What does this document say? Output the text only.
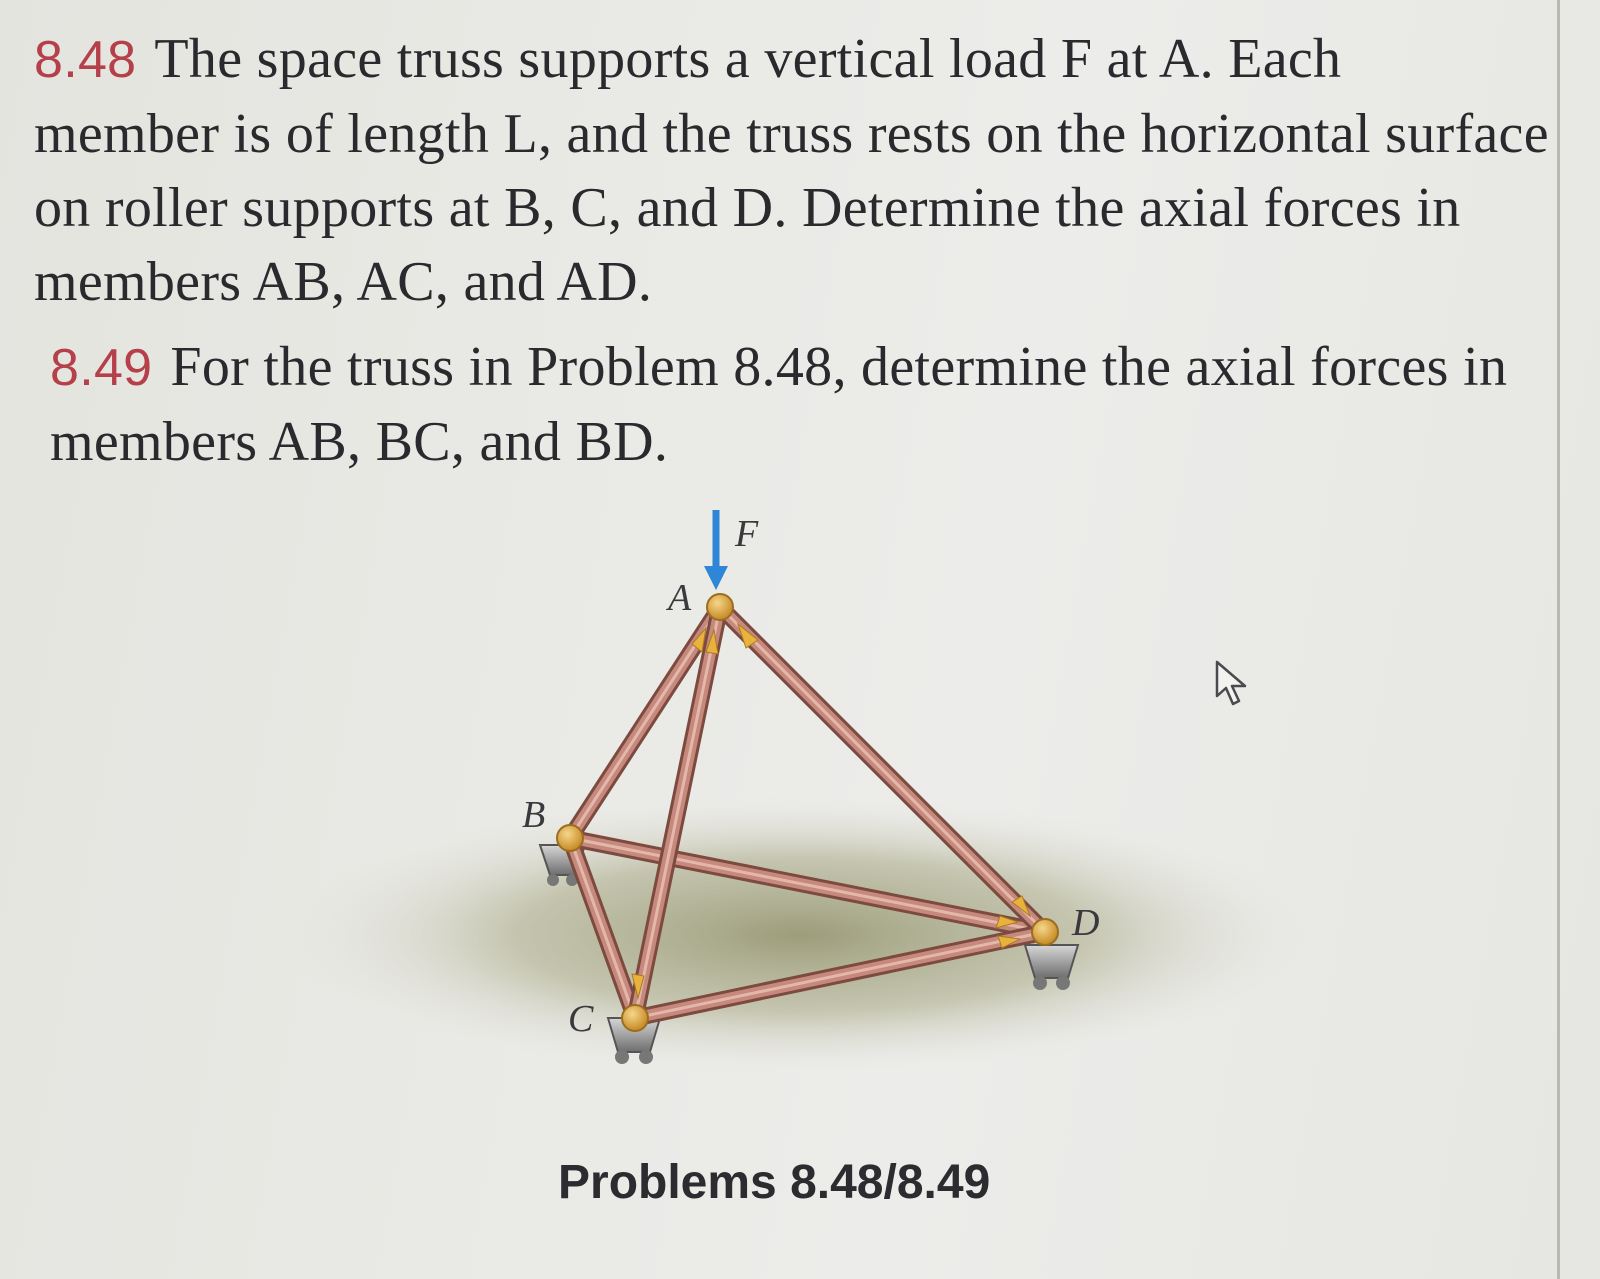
8.48 The space truss supports a vertical load F at A. Each
member is of length L, and the truss rests on the horizontal surface
on roller supports at B, C, and D. Determine the axial forces in
members AB, AC, and AD.
8.49 For the truss in Problem 8.48, determine the axial forces in
members AB, BC, and BD.
F
A
B
C
D
Problems 8.48/8.49
